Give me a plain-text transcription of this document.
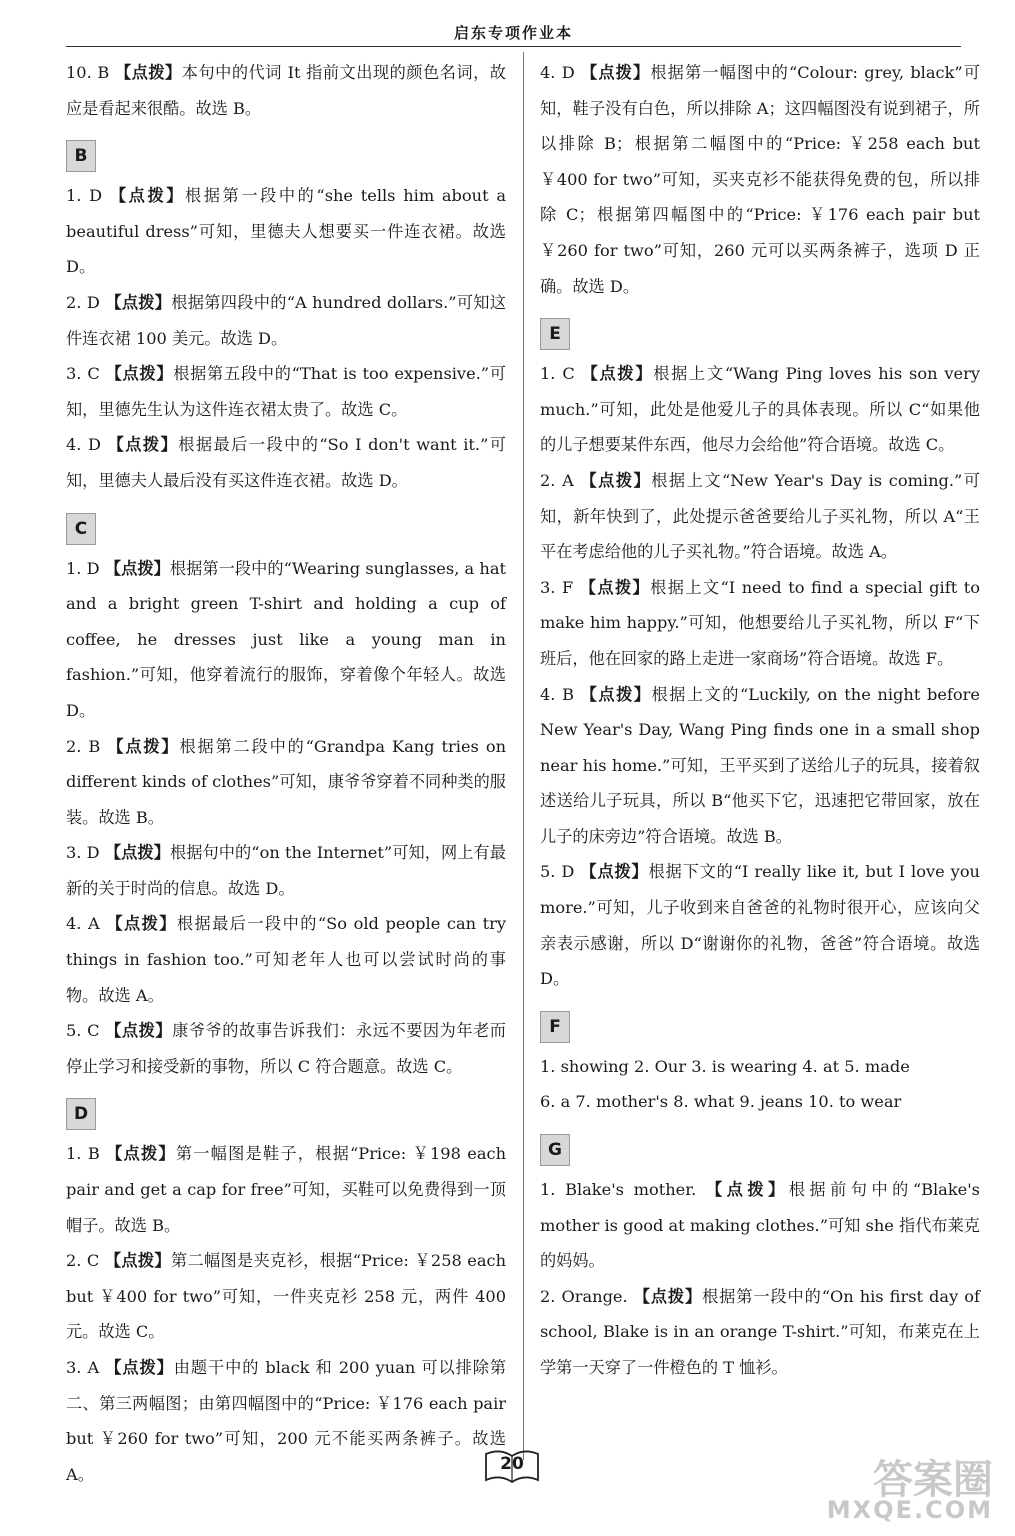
启东专项作业本
10. B 【点拨】本句中的代词 It 指前文出现的颜色名词，故应是看起来很酷。故选 B。
B
1. D 【点拨】根据第一段中的“she tells him about a beautiful dress”可知，里德夫人想要买一件连衣裙。故选 D。
2. D 【点拨】根据第四段中的“A hundred dollars.”可知这件连衣裙 100 美元。故选 D。
3. C 【点拨】根据第五段中的“That is too expensive.”可知，里德先生认为这件连衣裙太贵了。故选 C。
4. D 【点拨】根据最后一段中的“So I don't want it.”可知，里德夫人最后没有买这件连衣裙。故选 D。
C
1. D 【点拨】根据第一段中的“Wearing sunglasses, a hat and a bright green T-shirt and holding a cup of coffee, he dresses just like a young man in fashion.”可知，他穿着流行的服饰，穿着像个年轻人。故选 D。
2. B 【点拨】根据第二段中的“Grandpa Kang tries on different kinds of clothes”可知，康爷爷穿着不同种类的服装。故选 B。
3. D 【点拨】根据句中的“on the Internet”可知，网上有最新的关于时尚的信息。故选 D。
4. A 【点拨】根据最后一段中的“So old people can try things in fashion too.”可知老年人也可以尝试时尚的事物。故选 A。
5. C 【点拨】康爷爷的故事告诉我们：永远不要因为年老而停止学习和接受新的事物，所以 C 符合题意。故选 C。
D
1. B 【点拨】第一幅图是鞋子，根据“Price: ￥198 each pair and get a cap for free”可知，买鞋可以免费得到一顶帽子。故选 B。
2. C 【点拨】第二幅图是夹克衫，根据“Price: ￥258 each but ￥400 for two”可知，一件夹克衫 258 元，两件 400 元。故选 C。
3. A 【点拨】由题干中的 black 和 200 yuan 可以排除第二、第三两幅图；由第四幅图中的“Price: ￥176 each pair but ￥260 for two”可知，200 元不能买两条裤子。故选 A。
4. D 【点拨】根据第一幅图中的“Colour: grey, black”可知，鞋子没有白色，所以排除 A；这四幅图没有说到裙子，所以排除 B；根据第二幅图中的“Price: ￥258 each but ￥400 for two”可知，买夹克衫不能获得免费的包，所以排除 C；根据第四幅图中的“Price: ￥176 each pair but ￥260 for two”可知，260 元可以买两条裤子，选项 D 正确。故选 D。
E
1. C 【点拨】根据上文“Wang Ping loves his son very much.”可知，此处是他爱儿子的具体表现。所以 C“如果他的儿子想要某件东西，他尽力会给他”符合语境。故选 C。
2. A 【点拨】根据上文“New Year's Day is coming.”可知，新年快到了，此处提示爸爸要给儿子买礼物，所以 A“王平在考虑给他的儿子买礼物。”符合语境。故选 A。
3. F 【点拨】根据上文“I need to find a special gift to make him happy.”可知，他想要给儿子买礼物，所以 F“下班后，他在回家的路上走进一家商场”符合语境。故选 F。
4. B 【点拨】根据上文的“Luckily, on the night before New Year's Day, Wang Ping finds one in a small shop near his home.”可知，王平买到了送给儿子的玩具，接着叙述送给儿子玩具，所以 B“他买下它，迅速把它带回家，放在儿子的床旁边”符合语境。故选 B。
5. D 【点拨】根据下文的“I really like it, but I love you more.”可知，儿子收到来自爸爸的礼物时很开心，应该向父亲表示感谢，所以 D“谢谢你的礼物，爸爸”符合语境。故选 D。
F
1. showing 2. Our 3. is wearing 4. at 5. made
6. a 7. mother's 8. what 9. jeans 10. to wear
G
1. Blake's mother. 【点拨】根据前句中的“Blake's mother is good at making clothes.”可知 she 指代布莱克的妈妈。
2. Orange. 【点拨】根据第一段中的“On his first day of school, Blake is in an orange T-shirt.”可知，布莱克在上学第一天穿了一件橙色的 T 恤衫。
20	答案圈
MXQE.COM
